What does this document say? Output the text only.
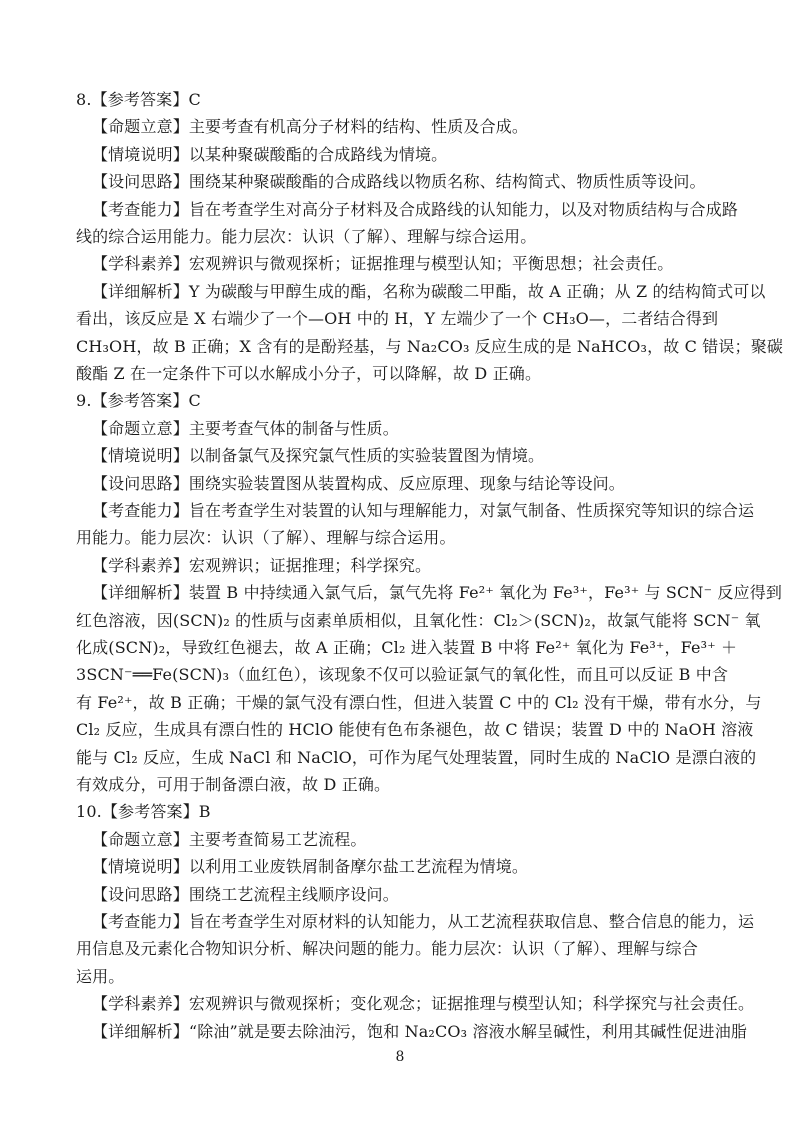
8.【参考答案】C
【命题立意】主要考查有机高分子材料的结构、性质及合成。
【情境说明】以某种聚碳酸酯的合成路线为情境。
【设问思路】围绕某种聚碳酸酯的合成路线以物质名称、结构简式、物质性质等设问。
【考查能力】旨在考查学生对高分子材料及合成路线的认知能力，以及对物质结构与合成路
线的综合运用能力。能力层次：认识（了解）、理解与综合运用。
【学科素养】宏观辨识与微观探析；证据推理与模型认知；平衡思想；社会责任。
【详细解析】Y 为碳酸与甲醇生成的酯，名称为碳酸二甲酯，故 A 正确；从 Z 的结构简式可以
看出，该反应是 X 右端少了一个—OH 中的 H，Y 左端少了一个 CH₃O—，二者结合得到
CH₃OH，故 B 正确；X 含有的是酚羟基，与 Na₂CO₃ 反应生成的是 NaHCO₃，故 C 错误；聚碳
酸酯 Z 在一定条件下可以水解成小分子，可以降解，故 D 正确。
9.【参考答案】C
【命题立意】主要考查气体的制备与性质。
【情境说明】以制备氯气及探究氯气性质的实验装置图为情境。
【设问思路】围绕实验装置图从装置构成、反应原理、现象与结论等设问。
【考查能力】旨在考查学生对装置的认知与理解能力，对氯气制备、性质探究等知识的综合运
用能力。能力层次：认识（了解）、理解与综合运用。
【学科素养】宏观辨识；证据推理；科学探究。
【详细解析】装置 B 中持续通入氯气后，氯气先将 Fe²⁺ 氧化为 Fe³⁺，Fe³⁺ 与 SCN⁻ 反应得到
红色溶液，因(SCN)₂ 的性质与卤素单质相似，且氧化性：Cl₂＞(SCN)₂，故氯气能将 SCN⁻ 氧
化成(SCN)₂，导致红色褪去，故 A 正确；Cl₂ 进入装置 B 中将 Fe²⁺ 氧化为 Fe³⁺，Fe³⁺ ＋
3SCN⁻══Fe(SCN)₃（血红色），该现象不仅可以验证氯气的氧化性，而且可以反证 B 中含
有 Fe²⁺，故 B 正确；干燥的氯气没有漂白性，但进入装置 C 中的 Cl₂ 没有干燥，带有水分，与
Cl₂ 反应，生成具有漂白性的 HClO 能使有色布条褪色，故 C 错误；装置 D 中的 NaOH 溶液
能与 Cl₂ 反应，生成 NaCl 和 NaClO，可作为尾气处理装置，同时生成的 NaClO 是漂白液的
有效成分，可用于制备漂白液，故 D 正确。
10.【参考答案】B
【命题立意】主要考查简易工艺流程。
【情境说明】以利用工业废铁屑制备摩尔盐工艺流程为情境。
【设问思路】围绕工艺流程主线顺序设问。
【考查能力】旨在考查学生对原材料的认知能力，从工艺流程获取信息、整合信息的能力，运
用信息及元素化合物知识分析、解决问题的能力。能力层次：认识（了解）、理解与综合
运用。
【学科素养】宏观辨识与微观探析；变化观念；证据推理与模型认知；科学探究与社会责任。
【详细解析】“除油”就是要去除油污，饱和 Na₂CO₃ 溶液水解呈碱性，利用其碱性促进油脂
8
